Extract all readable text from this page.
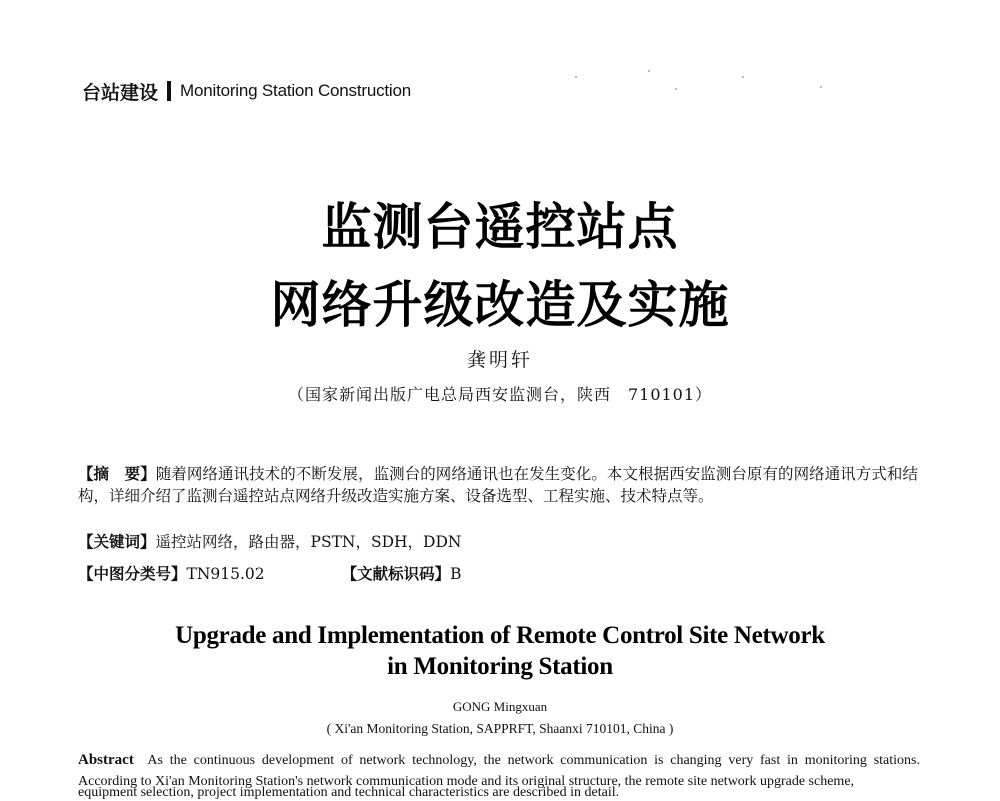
台站建设 Monitoring Station Construction
监测台遥控站点
网络升级改造及实施
龚明轩
（国家新闻出版广电总局西安监测台，陕西　710101）
【摘　要】随着网络通讯技术的不断发展，监测台的网络通讯也在发生变化。本文根据西安监测台原有的网络通讯方式和结构，详细介绍了监测台遥控站点网络升级改造实施方案、设备选型、工程实施、技术特点等。
【关键词】遥控站网络，路由器，PSTN，SDH，DDN
【中图分类号】TN915.02	【文献标识码】B
Upgrade and Implementation of Remote Control Site Network
in Monitoring Station
GONG Mingxuan
( Xi'an Monitoring Station, SAPPRFT, Shaanxi 710101, China )
Abstract As the continuous development of network technology, the network communication is changing very fast in monitoring stations. According to Xi'an Monitoring Station's network communication mode and its original structure, the remote site network upgrade scheme,
equipment selection, project implementation and technical characteristics are described in detail.
